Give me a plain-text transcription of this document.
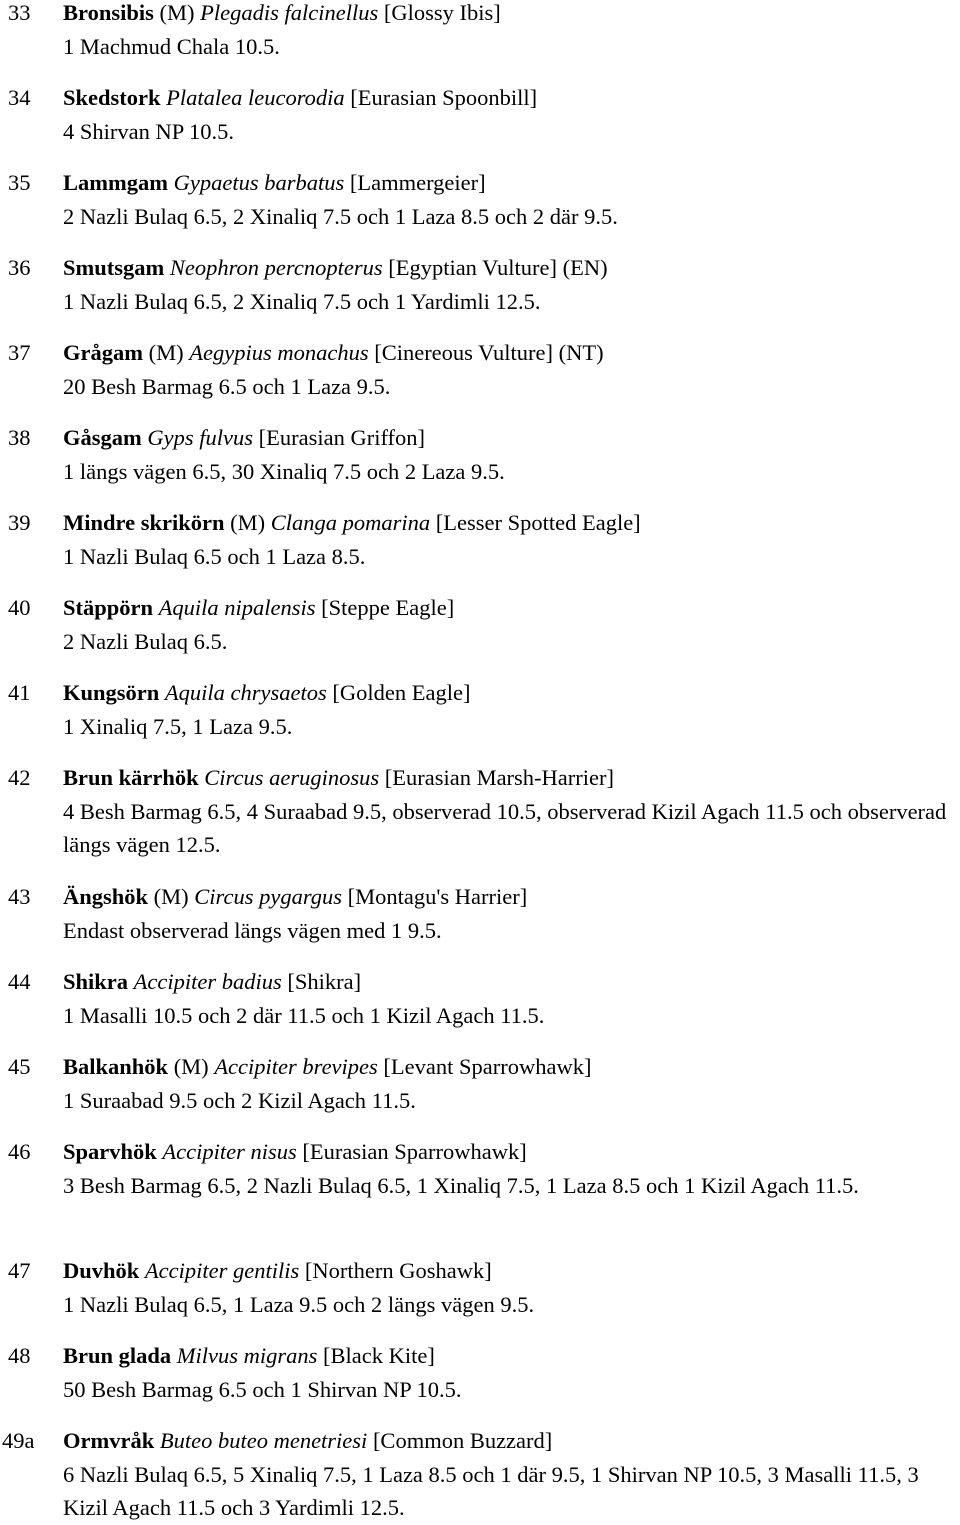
33	Bronsibis (M) Plegadis falcinellus [Glossy Ibis]
1 Machmud Chala 10.5.
34	Skedstork Platalea leucorodia [Eurasian Spoonbill]
4 Shirvan NP 10.5.
35	Lammgam Gypaetus barbatus [Lammergeier]
2 Nazli Bulaq 6.5, 2 Xinaliq 7.5 och 1 Laza 8.5 och 2 där 9.5.
36	Smutsgam Neophron percnopterus [Egyptian Vulture] (EN)
1 Nazli Bulaq 6.5, 2 Xinaliq 7.5 och 1 Yardimli 12.5.
37	Grågam (M) Aegypius monachus [Cinereous Vulture] (NT)
20 Besh Barmag 6.5 och 1 Laza 9.5.
38	Gåsgam Gyps fulvus [Eurasian Griffon]
1 längs vägen 6.5, 30 Xinaliq 7.5 och 2 Laza 9.5.
39	Mindre skrikörn (M) Clanga pomarina [Lesser Spotted Eagle]
1 Nazli Bulaq 6.5 och 1 Laza 8.5.
40	Stäppörn Aquila nipalensis [Steppe Eagle]
2 Nazli Bulaq 6.5.
41	Kungsörn Aquila chrysaetos [Golden Eagle]
1 Xinaliq 7.5, 1 Laza 9.5.
42	Brun kärrhök Circus aeruginosus [Eurasian Marsh-Harrier]
4 Besh Barmag 6.5, 4 Suraabad 9.5, observerad 10.5, observerad Kizil Agach 11.5 och observerad längs vägen 12.5.
43	Ängshök (M) Circus pygargus [Montagu's Harrier]
Endast observerad längs vägen med 1 9.5.
44	Shikra Accipiter badius [Shikra]
1 Masalli 10.5 och 2 där 11.5 och 1 Kizil Agach 11.5.
45	Balkanhök (M) Accipiter brevipes [Levant Sparrowhawk]
1 Suraabad 9.5 och 2 Kizil Agach 11.5.
46	Sparvhök Accipiter nisus [Eurasian Sparrowhawk]
3 Besh Barmag 6.5, 2 Nazli Bulaq 6.5, 1 Xinaliq 7.5, 1 Laza 8.5 och 1 Kizil Agach 11.5.
47	Duvhök Accipiter gentilis [Northern Goshawk]
1 Nazli Bulaq 6.5, 1 Laza 9.5 och 2 längs vägen 9.5.
48	Brun glada Milvus migrans [Black Kite]
50 Besh Barmag 6.5 och 1 Shirvan NP 10.5.
49a	Ormvråk Buteo buteo menetriesi [Common Buzzard]
6 Nazli Bulaq 6.5, 5 Xinaliq 7.5, 1 Laza 8.5 och 1 där 9.5, 1 Shirvan NP 10.5, 3 Masalli 11.5, 3 Kizil Agach 11.5 och 3 Yardimli 12.5.
